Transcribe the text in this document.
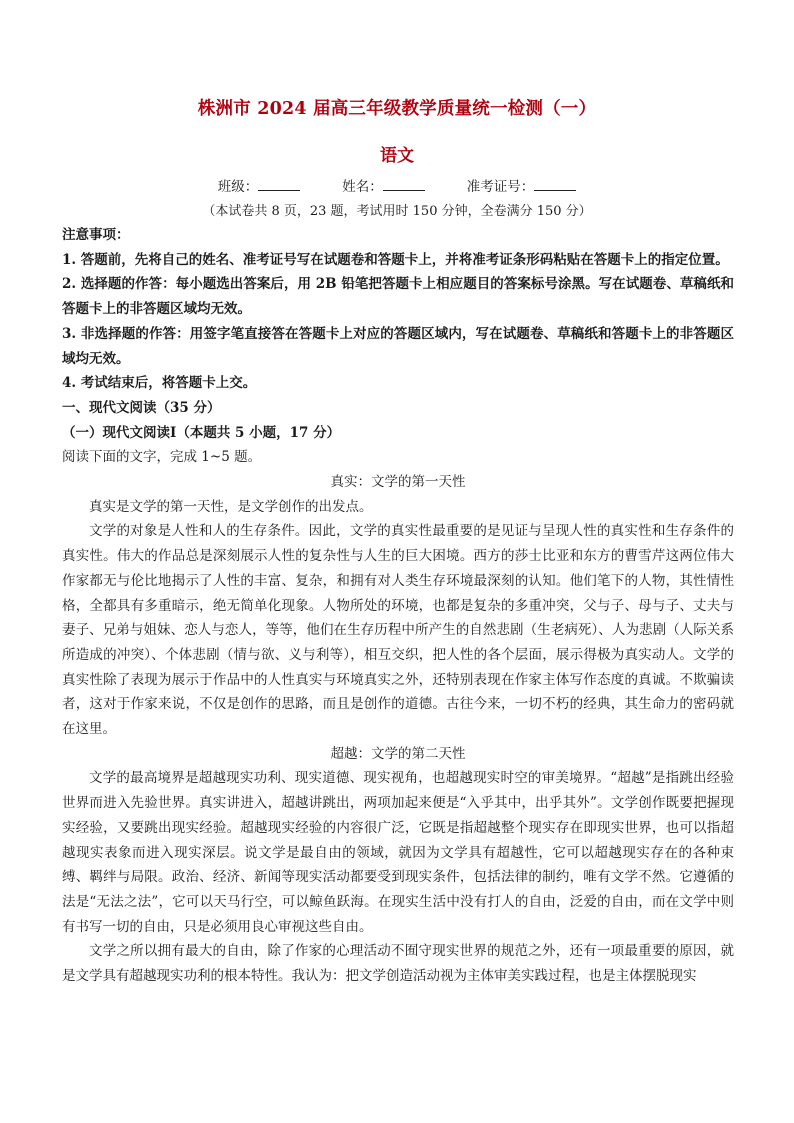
株洲市 2024 届高三年级教学质量统一检测（一）
语文
班级：	姓名：	准考证号：
（本试卷共 8 页，23 题，考试用时 150 分钟，全卷满分 150 分）

注意事项：

1. 答题前，先将自己的姓名、准考证号写在试题卷和答题卡上，并将准考证条形码粘贴在答题卡上的指定位置。

2. 选择题的作答：每小题选出答案后，用 2B 铅笔把答题卡上相应题目的答案标号涂黑。写在试题卷、草稿纸和答题卡上的非答题区域均无效。

3. 非选择题的作答：用签字笔直接答在答题卡上对应的答题区域内，写在试题卷、草稿纸和答题卡上的非答题区域均无效。

4. 考试结束后，将答题卡上交。

一、现代文阅读（35 分）

（一）现代文阅读Ⅰ（本题共 5 小题，17 分）

阅读下面的文字，完成 1~5 题。

真实：文学的第一天性

真实是文学的第一天性，是文学创作的出发点。

文学的对象是人性和人的生存条件。因此，文学的真实性最重要的是见证与呈现人性的真实性和生存条件的真实性。伟大的作品总是深刻展示人性的复杂性与人生的巨大困境。西方的莎士比亚和东方的曹雪芹这两位伟大作家都无与伦比地揭示了人性的丰富、复杂，和拥有对人类生存环境最深刻的认知。他们笔下的人物，其性情性格，全都具有多重暗示，绝无简单化现象。人物所处的环境，也都是复杂的多重冲突，父与子、母与子、丈夫与妻子、兄弟与姐妹、恋人与恋人，等等，他们在生存历程中所产生的自然悲剧（生老病死）、人为悲剧（人际关系所造成的冲突）、个体悲剧（情与欲、义与利等），相互交织，把人性的各个层面，展示得极为真实动人。文学的真实性除了表现为展示于作品中的人性真实与环境真实之外，还特别表现在作家主体写作态度的真诚。不欺骗读者，这对于作家来说，不仅是创作的思路，而且是创作的道德。古往今来，一切不朽的经典，其生命力的密码就在这里。

超越：文学的第二天性

文学的最高境界是超越现实功利、现实道德、现实视角，也超越现实时空的审美境界。“超越”是指跳出经验世界而进入先验世界。真实讲进入，超越讲跳出，两项加起来便是“入乎其中，出乎其外”。文学创作既要把握现实经验，又要跳出现实经验。超越现实经验的内容很广泛，它既是指超越整个现实存在即现实世界，也可以指超越现实表象而进入现实深层。说文学是最自由的领域，就因为文学具有超越性，它可以超越现实存在的各种束缚、羁绊与局限。政治、经济、新闻等现实活动都要受到现实条件，包括法律的制约，唯有文学不然。它遵循的法是“无法之法”，它可以天马行空，可以鲸鱼跃海。在现实生活中没有打人的自由，泛爱的自由，而在文学中则有书写一切的自由，只是必须用良心审视这些自由。

文学之所以拥有最大的自由，除了作家的心理活动不囿守现实世界的规范之外，还有一项最重要的原因，就是文学具有超越现实功利的根本特性。我认为：把文学创造活动视为主体审美实践过程，也是主体摆脱现实
